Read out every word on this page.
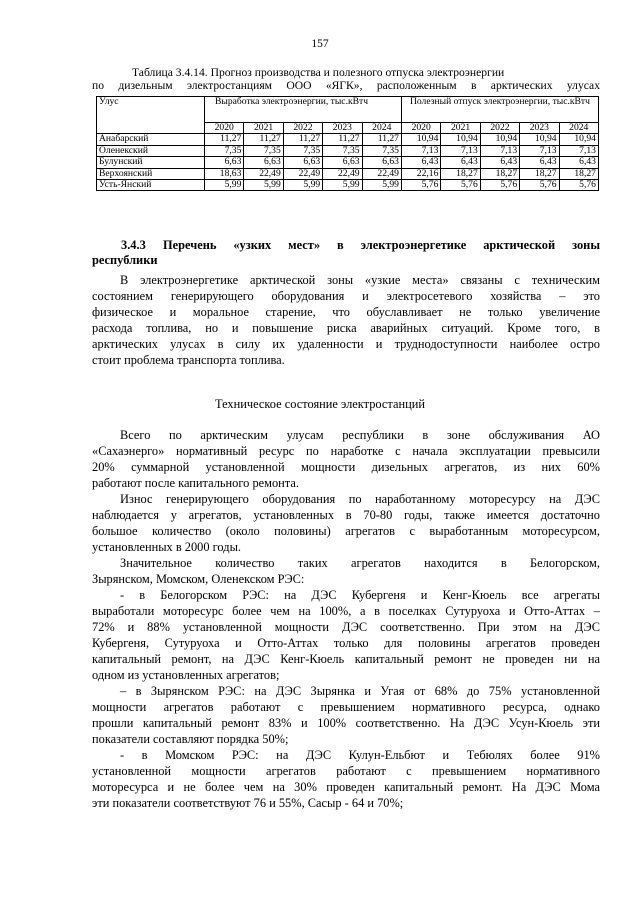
157
Таблица 3.4.14. Прогноз производства и полезного отпуска электроэнергии
по дизельным электростанциям ООО «ЯГК», расположенным в арктических улусах
Улус	Выработка электроэнергии, тыс.кВтч					Полезный отпуск электроэнергии, тыс.кВтч				
	2020	2021	2022	2023	2024	2020	2021	2022	2023	2024
Анабарский	11,27	11,27	11,27	11,27	11,27	10,94	10,94	10,94	10,94	10,94
Оленекский	7,35	7,35	7,35	7,35	7,35	7,13	7,13	7,13	7,13	7,13
Булунский	6,63	6,63	6,63	6,63	6,63	6,43	6,43	6,43	6,43	6,43
Верхоянский	18,63	22,49	22,49	22,49	22,49	22,16	18,27	18,27	18,27	18,27
Усть-Янский	5,99	5,99	5,99	5,99	5,99	5,76	5,76	5,76	5,76	5,76
3.4.3 Перечень «узких мест» в электроэнергетике арктической зоны
республики
В электроэнергетике арктической зоны «узкие места» связаны с техническим
состоянием генерирующего оборудования и электросетевого хозяйства – это
физическое и моральное старение, что обуславливает не только увеличение
расхода топлива, но и повышение риска аварийных ситуаций. Кроме того, в
арктических улусах в силу их удаленности и труднодоступности наиболее остро
стоит проблема транспорта топлива.
Техническое состояние электростанций
Всего по арктическим улусам республики в зоне обслуживания АО
«Сахаэнерго» нормативный ресурс по наработке с начала эксплуатации превысили
20% суммарной установленной мощности дизельных агрегатов, из них 60%
работают после капитального ремонта.
Износ генерирующего оборудования по наработанному моторесурсу на ДЭС
наблюдается у агрегатов, установленных в 70-80 годы, также имеется достаточно
большое количество (около половины) агрегатов с выработанным моторесурсом,
установленных в 2000 годы.
Значительное количество таких агрегатов находится в Белогорском,
Зырянском, Момском, Оленекском РЭС:
- в Белогорском РЭС: на ДЭС Кубергеня и Кенг-Кюель все агрегаты
выработали моторесурс более чем на 100%, а в поселках Сутуруоха и Отто-Аттах –
72% и 88% установленной мощности ДЭС соответственно. При этом на ДЭС
Кубергеня, Сутуруоха и Отто-Аттах только для половины агрегатов проведен
капитальный ремонт, на ДЭС Кенг-Кюель капитальный ремонт не проведен ни на
одном из установленных агрегатов;
– в Зырянском РЭС: на ДЭС Зырянка и Угая от 68% до 75% установленной
мощности агрегатов работают с превышением нормативного ресурса, однако
прошли капитальный ремонт 83% и 100% соответственно. На ДЭС Усун-Кюель эти
показатели составляют порядка 50%;
- в Момском РЭС: на ДЭС Кулун-Ельбют и Тебюлях более 91%
установленной мощности агрегатов работают с превышением нормативного
моторесурса и не более чем на 30% проведен капитальный ремонт. На ДЭС Мома
эти показатели соответствуют 76 и 55%, Сасыр - 64 и 70%;
